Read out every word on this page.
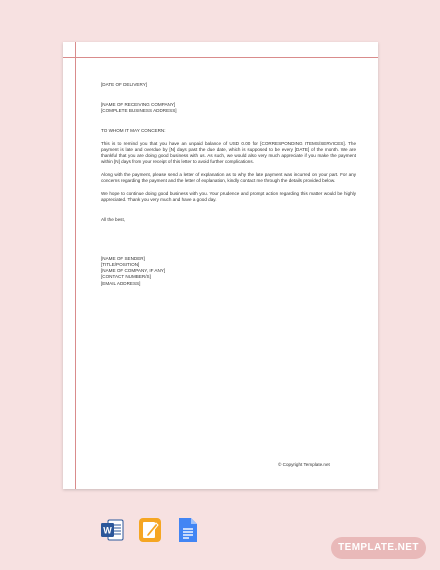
[DATE OF DELIVERY]

[NAME OF RECEIVING COMPANY]
[COMPLETE BUSINESS ADDRESS]

TO WHOM IT MAY CONCERN:

This is to remind you that you have an unpaid balance of USD 0.00 for [CORRESPONDING ITEMS/SERVICES]. The payment is late and overdue by [N] days past the due date, which is supposed to be every [DATE] of the month. We are thankful that you are doing good business with us. As such, we would also very much appreciate if you make the payment within [N] days from your receipt of this letter to avoid further complications.

Along with the payment, please send a letter of explanation as to why the late payment was incurred on your part. For any concerns regarding the payment and the letter of explanation, kindly contact me through the details provided below.

We hope to continue doing good business with you. Your prudence and prompt action regarding this matter would be highly appreciated. Thank you very much and have a good day.

All the best,

[NAME OF SENDER]
[TITLE/POSITION]
[NAME OF COMPANY, IF ANY]
[CONTACT NUMBER/S]
[EMAIL ADDRESS]

© Copyright Template.net
W
TEMPLATE.NET
